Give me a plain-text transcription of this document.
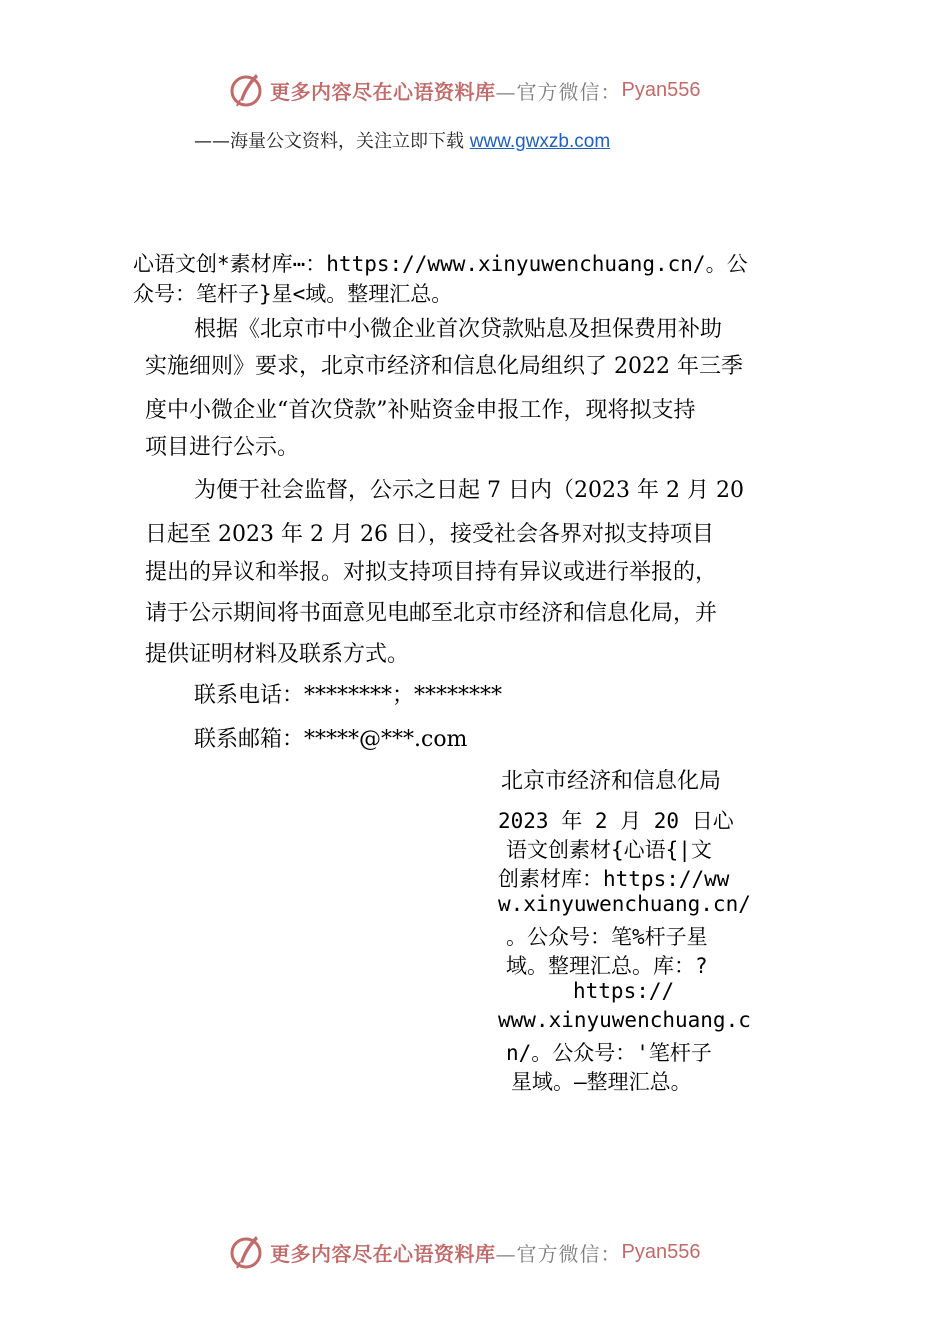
更多内容尽在心语资料库 —官方微信： Pyan556
——海量公文资料，关注立即下载 www.gwxzb.com
心语文创*素材库⋯：https://www.xinyuwenchuang.cn/。公
众号：笔杆子}星<域。整理汇总。
根据《北京市中小微企业首次贷款贴息及担保费用补助
实施细则》要求，北京市经济和信息化局组织了 2022 年三季
度中小微企业“首次贷款”补贴资金申报工作，现将拟支持
项目进行公示。
为便于社会监督，公示之日起 7 日内（2023 年 2 月 20
日起至 2023 年 2 月 26 日），接受社会各界对拟支持项目
提出的异议和举报。对拟支持项目持有异议或进行举报的，
请于公示期间将书面意见电邮至北京市经济和信息化局，并
提供证明材料及联系方式。
联系电话：********；********
联系邮箱：*****@***.com
北京市经济和信息化局
2023 年 2 月 20 日心
语文创素材{心语{|文
创素材库：https://ww
w.xinyuwenchuang.cn/
。公众号：笔%杆子星
域。整理汇总。库：?
https://
www.xinyuwenchuang.c
n/。公众号：'笔杆子
星域。—整理汇总。
更多内容尽在心语资料库 —官方微信： Pyan556
